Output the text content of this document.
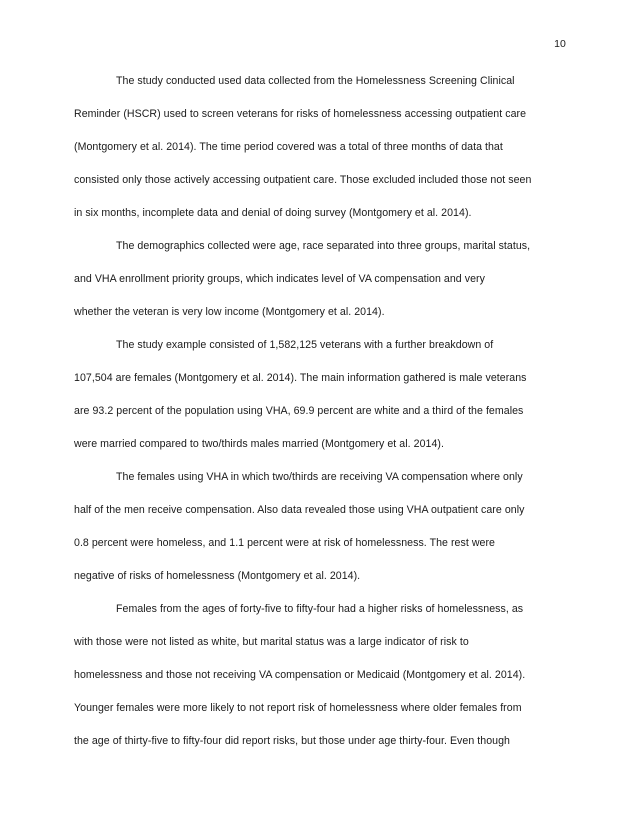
10
The study conducted used data collected from the Homelessness Screening Clinical
Reminder (HSCR) used to screen veterans for risks of homelessness accessing outpatient care
(Montgomery et al. 2014). The time period covered was a total of three months of data that
consisted only those actively accessing outpatient care. Those excluded included those not seen
in six months, incomplete data and denial of doing survey (Montgomery et al. 2014).
The demographics collected were age, race separated into three groups, marital status,
and VHA enrollment priority groups, which indicates level of VA compensation and very
whether the veteran is very low income (Montgomery et al. 2014).
The study example consisted of 1,582,125 veterans with a further breakdown of
107,504 are females (Montgomery et al. 2014). The main information gathered is male veterans
are 93.2 percent of the population using VHA, 69.9 percent are white and a third of the females
were married compared to two/thirds males married (Montgomery et al. 2014).
The females using VHA in which two/thirds are receiving VA compensation where only
half of the men receive compensation. Also data revealed those using VHA outpatient care only
0.8 percent were homeless, and 1.1 percent were at risk of homelessness. The rest were
negative of risks of homelessness (Montgomery et al. 2014).
Females from the ages of forty-five to fifty-four had a higher risks of homelessness, as
with those were not listed as white, but marital status was a large indicator of risk to
homelessness and those not receiving VA compensation or Medicaid (Montgomery et al. 2014).
Younger females were more likely to not report risk of homelessness where older females from
the age of thirty-five to fifty-four did report risks, but those under age thirty-four. Even though
